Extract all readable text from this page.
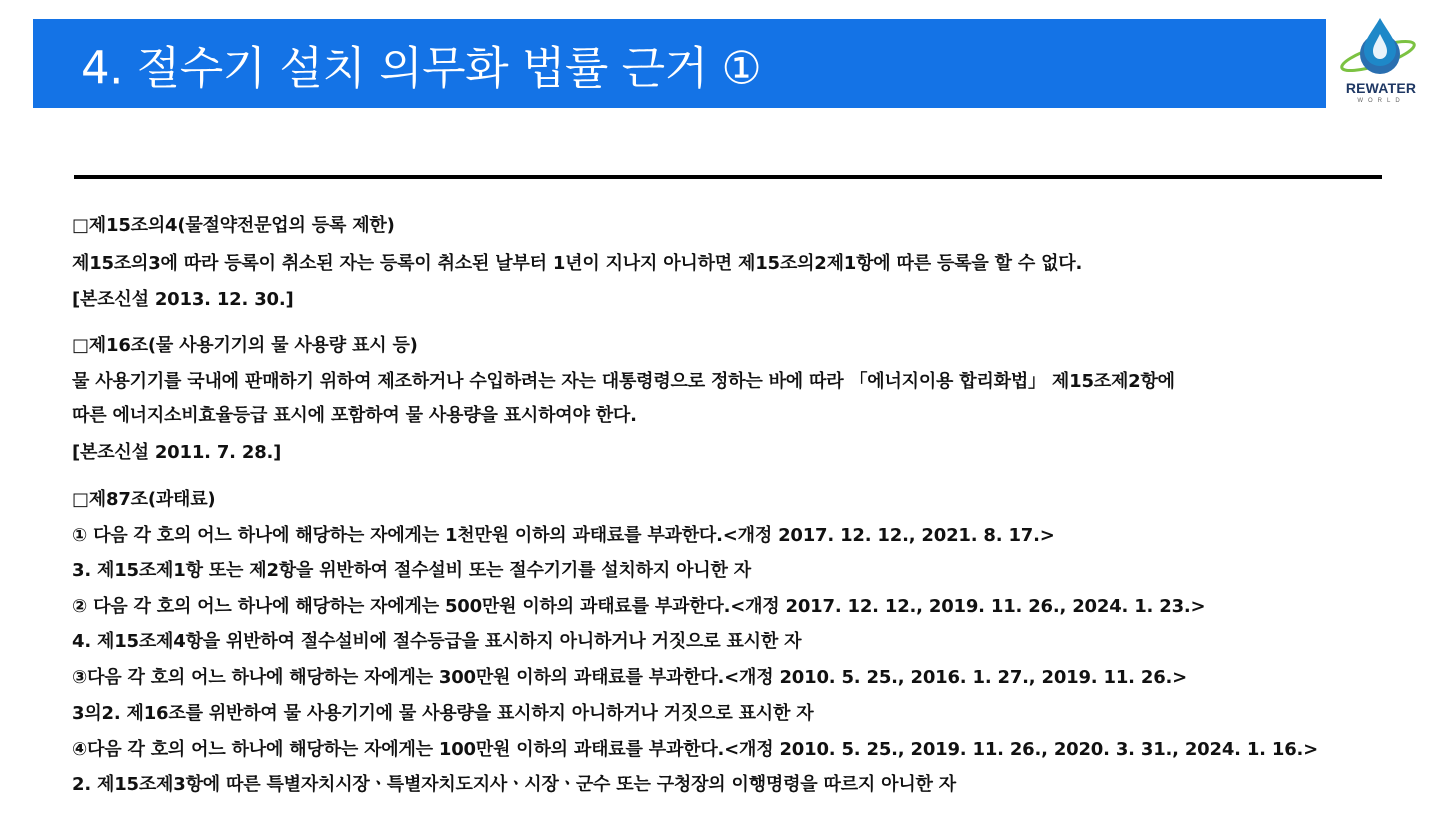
4. 절수기 설치 의무화 법률 근거 ①	REWATER
WORLD
□제15조의4(물절약전문업의 등록 제한)
제15조의3에 따라 등록이 취소된 자는 등록이 취소된 날부터 1년이 지나지 아니하면 제15조의2제1항에 따른 등록을 할 수 없다.
[본조신설 2013. 12. 30.]
□제16조(물 사용기기의 물 사용량 표시 등)
물 사용기기를 국내에 판매하기 위하여 제조하거나 수입하려는 자는 대통령령으로 정하는 바에 따라 「에너지이용 합리화법」 제15조제2항에
따른 에너지소비효율등급 표시에 포함하여 물 사용량을 표시하여야 한다.
[본조신설 2011. 7. 28.]
□제87조(과태료)
① 다음 각 호의 어느 하나에 해당하는 자에게는 1천만원 이하의 과태료를 부과한다.<개정 2017. 12. 12., 2021. 8. 17.>
3. 제15조제1항 또는 제2항을 위반하여 절수설비 또는 절수기기를 설치하지 아니한 자
② 다음 각 호의 어느 하나에 해당하는 자에게는 500만원 이하의 과태료를 부과한다.<개정 2017. 12. 12., 2019. 11. 26., 2024. 1. 23.>
4. 제15조제4항을 위반하여 절수설비에 절수등급을 표시하지 아니하거나 거짓으로 표시한 자
③다음 각 호의 어느 하나에 해당하는 자에게는 300만원 이하의 과태료를 부과한다.<개정 2010. 5. 25., 2016. 1. 27., 2019. 11. 26.>
3의2. 제16조를 위반하여 물 사용기기에 물 사용량을 표시하지 아니하거나 거짓으로 표시한 자
④다음 각 호의 어느 하나에 해당하는 자에게는 100만원 이하의 과태료를 부과한다.<개정 2010. 5. 25., 2019. 11. 26., 2020. 3. 31., 2024. 1. 16.>
2. 제15조제3항에 따른 특별자치시장ㆍ특별자치도지사ㆍ시장ㆍ군수 또는 구청장의 이행명령을 따르지 아니한 자
